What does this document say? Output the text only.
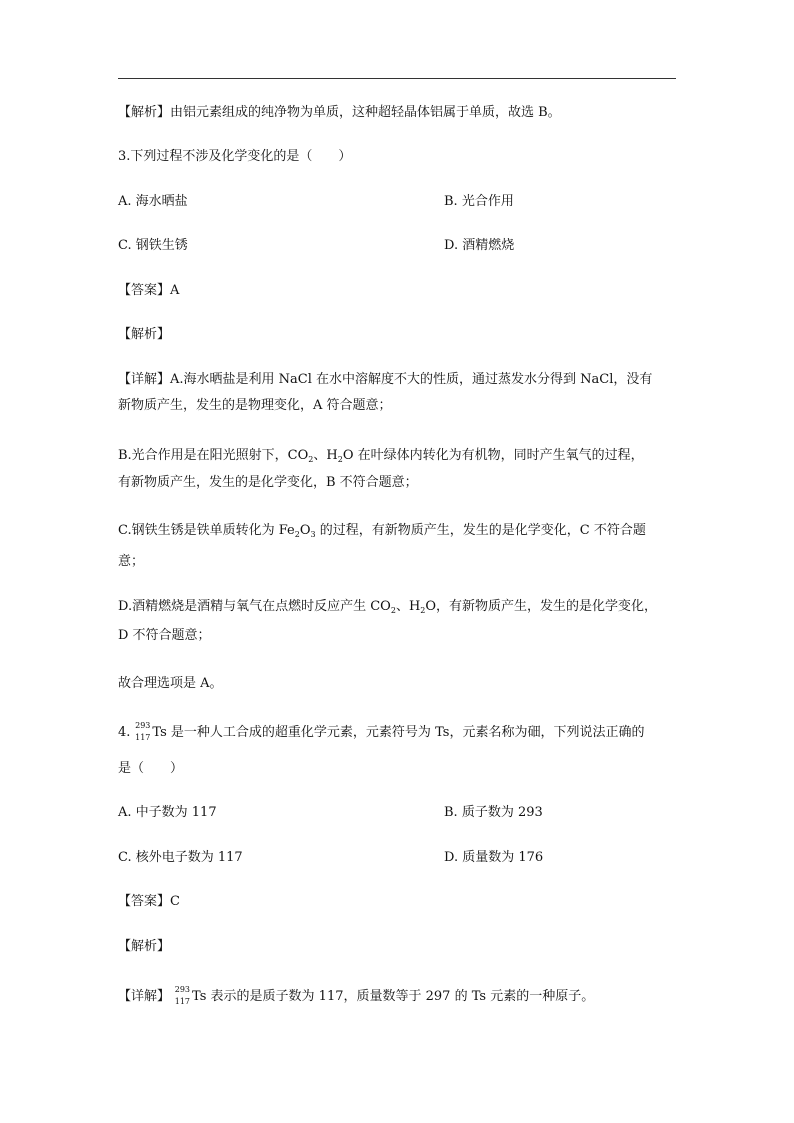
【解析】由铝元素组成的纯净物为单质，这种超轻晶体铝属于单质，故选 B。
3.下列过程不涉及化学变化的是（　　）
A. 海水晒盐	B. 光合作用
C. 钢铁生锈	D. 酒精燃烧
【答案】A
【解析】
【详解】A.海水晒盐是利用 NaCl 在水中溶解度不大的性质，通过蒸发水分得到 NaCl，没有
新物质产生，发生的是物理变化，A 符合题意；
B.光合作用是在阳光照射下，$CO_2$、$H_2O$ 在叶绿体内转化为有机物，同时产生氧气的过程，
有新物质产生，发生的是化学变化，B 不符合题意；
C.钢铁生锈是铁单质转化为 $Fe_2O_3$ 的过程，有新物质产生，发生的是化学变化，C 不符合题
意；
D.酒精燃烧是酒精与氧气在点燃时反应产生 $CO_2$、$H_2O$，有新物质产生，发生的是化学变化，
D 不符合题意；
故合理选项是 A。
4. 293
117 Ts 是一种人工合成的超重化学元素，元素符号为 Ts，元素名称为鿬，下列说法正确的
是（　　）
A. 中子数为 117	B. 质子数为 293
C. 核外电子数为 117	D. 质量数为 176
【答案】C
【解析】
【详解】 293
117 Ts 表示的是质子数为 117，质量数等于 297 的 Ts 元素的一种原子。
